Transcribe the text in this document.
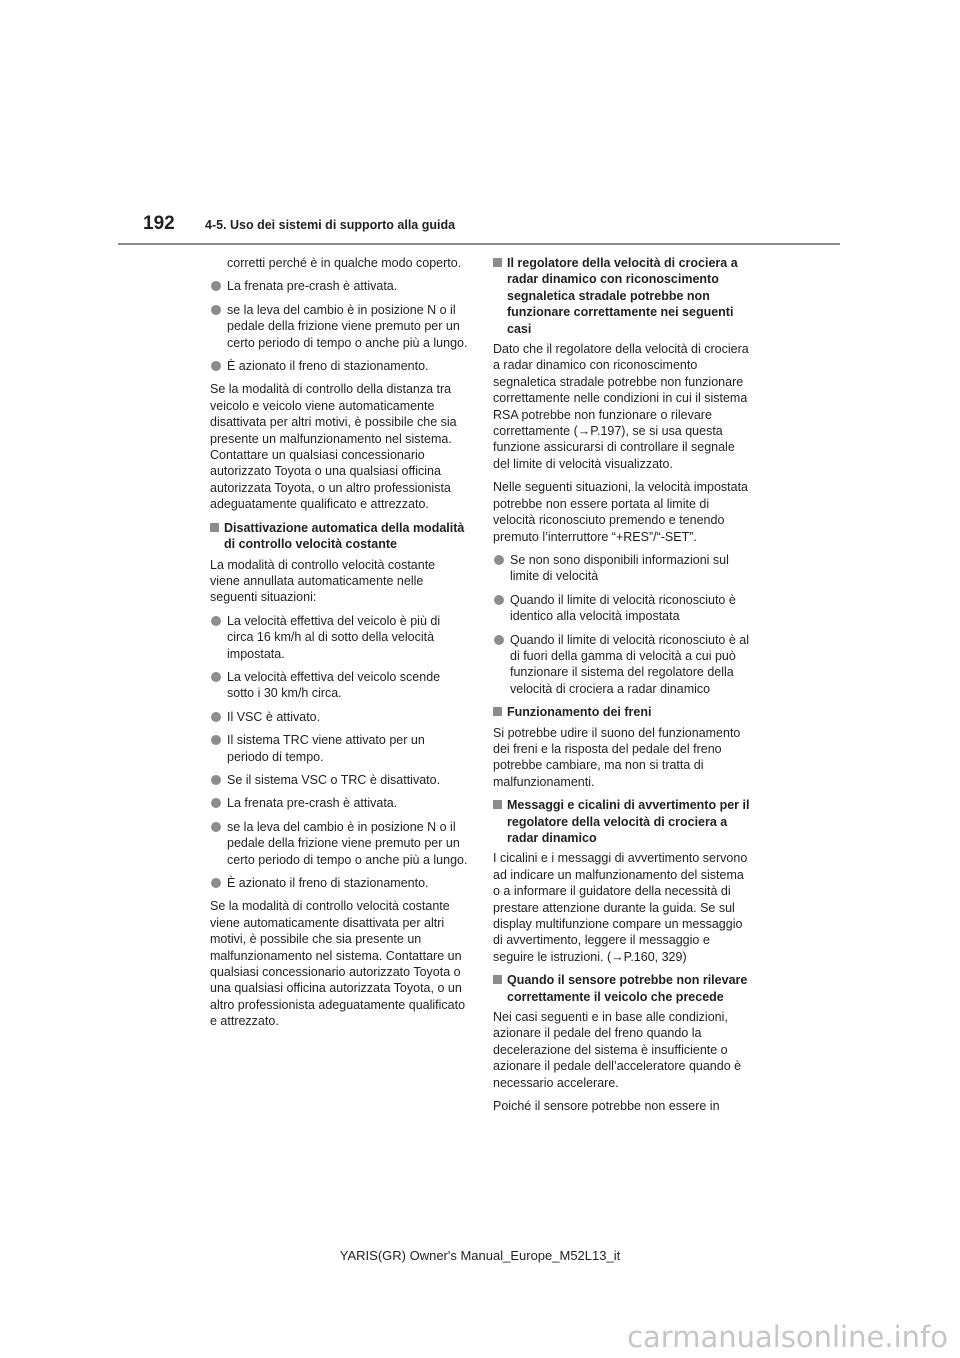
192 4-5. Uso dei sistemi di supporto alla guida

corretti perché è in qualche modo coperto.

La frenata pre-crash è attivata.
se la leva del cambio è in posizione N o il pedale della frizione viene premuto per un certo periodo di tempo o anche più a lungo.
È azionato il freno di stazionamento.

Se la modalità di controllo della distanza tra veicolo e veicolo viene automaticamente disattivata per altri motivi, è possibile che sia presente un malfunzionamento nel sistema. Contattare un qualsiasi concessionario autorizzato Toyota o una qualsiasi officina autorizzata Toyota, o un altro professionista adeguatamente qualificato e attrezzato.

Disattivazione automatica della modalità di controllo velocità costante

La modalità di controllo velocità costante viene annullata automaticamente nelle seguenti situazioni:

La velocità effettiva del veicolo è più di circa 16 km/h al di sotto della velocità impostata.
La velocità effettiva del veicolo scende sotto i 30 km/h circa.
Il VSC è attivato.
Il sistema TRC viene attivato per un periodo di tempo.
Se il sistema VSC o TRC è disattivato.
La frenata pre-crash è attivata.
se la leva del cambio è in posizione N o il pedale della frizione viene premuto per un certo periodo di tempo o anche più a lungo.
È azionato il freno di stazionamento.

Se la modalità di controllo velocità costante viene automaticamente disattivata per altri motivi, è possibile che sia presente un malfunzionamento nel sistema. Contattare un qualsiasi concessionario autorizzato Toyota o una qualsiasi officina autorizzata Toyota, o un altro professionista adeguatamente qualificato e attrezzato.

Il regolatore della velocità di crociera a radar dinamico con riconoscimento segnaletica stradale potrebbe non funzionare correttamente nei seguenti casi

Dato che il regolatore della velocità di crociera a radar dinamico con riconoscimento segnaletica stradale potrebbe non funzionare correttamente nelle condizioni in cui il sistema RSA potrebbe non funzionare o rilevare correttamente (→P.197), se si usa questa funzione assicurarsi di controllare il segnale del limite di velocità visualizzato.

Nelle seguenti situazioni, la velocità impostata potrebbe non essere portata al limite di velocità riconosciuto premendo e tenendo premuto l’interruttore “+RES”/“-SET”.

Se non sono disponibili informazioni sul limite di velocità
Quando il limite di velocità riconosciuto è identico alla velocità impostata
Quando il limite di velocità riconosciuto è al di fuori della gamma di velocità a cui può funzionare il sistema del regolatore della velocità di crociera a radar dinamico
Funzionamento dei freni

Si potrebbe udire il suono del funzionamento dei freni e la risposta del pedale del freno potrebbe cambiare, ma non si tratta di malfunzionamenti.

Messaggi e cicalini di avvertimento per il regolatore della velocità di crociera a radar dinamico

I cicalini e i messaggi di avvertimento servono ad indicare un malfunzionamento del sistema o a informare il guidatore della necessità di prestare attenzione durante la guida. Se sul display multifunzione compare un messaggio di avvertimento, leggere il messaggio e seguire le istruzioni. (→P.160, 329)

Quando il sensore potrebbe non rilevare correttamente il veicolo che precede

Nei casi seguenti e in base alle condizioni, azionare il pedale del freno quando la decelerazione del sistema è insufficiente o azionare il pedale dell’acceleratore quando è necessario accelerare.

Poiché il sensore potrebbe non essere in

YARIS(GR) Owner's Manual_Europe_M52L13_it
carmanualsonline.info
